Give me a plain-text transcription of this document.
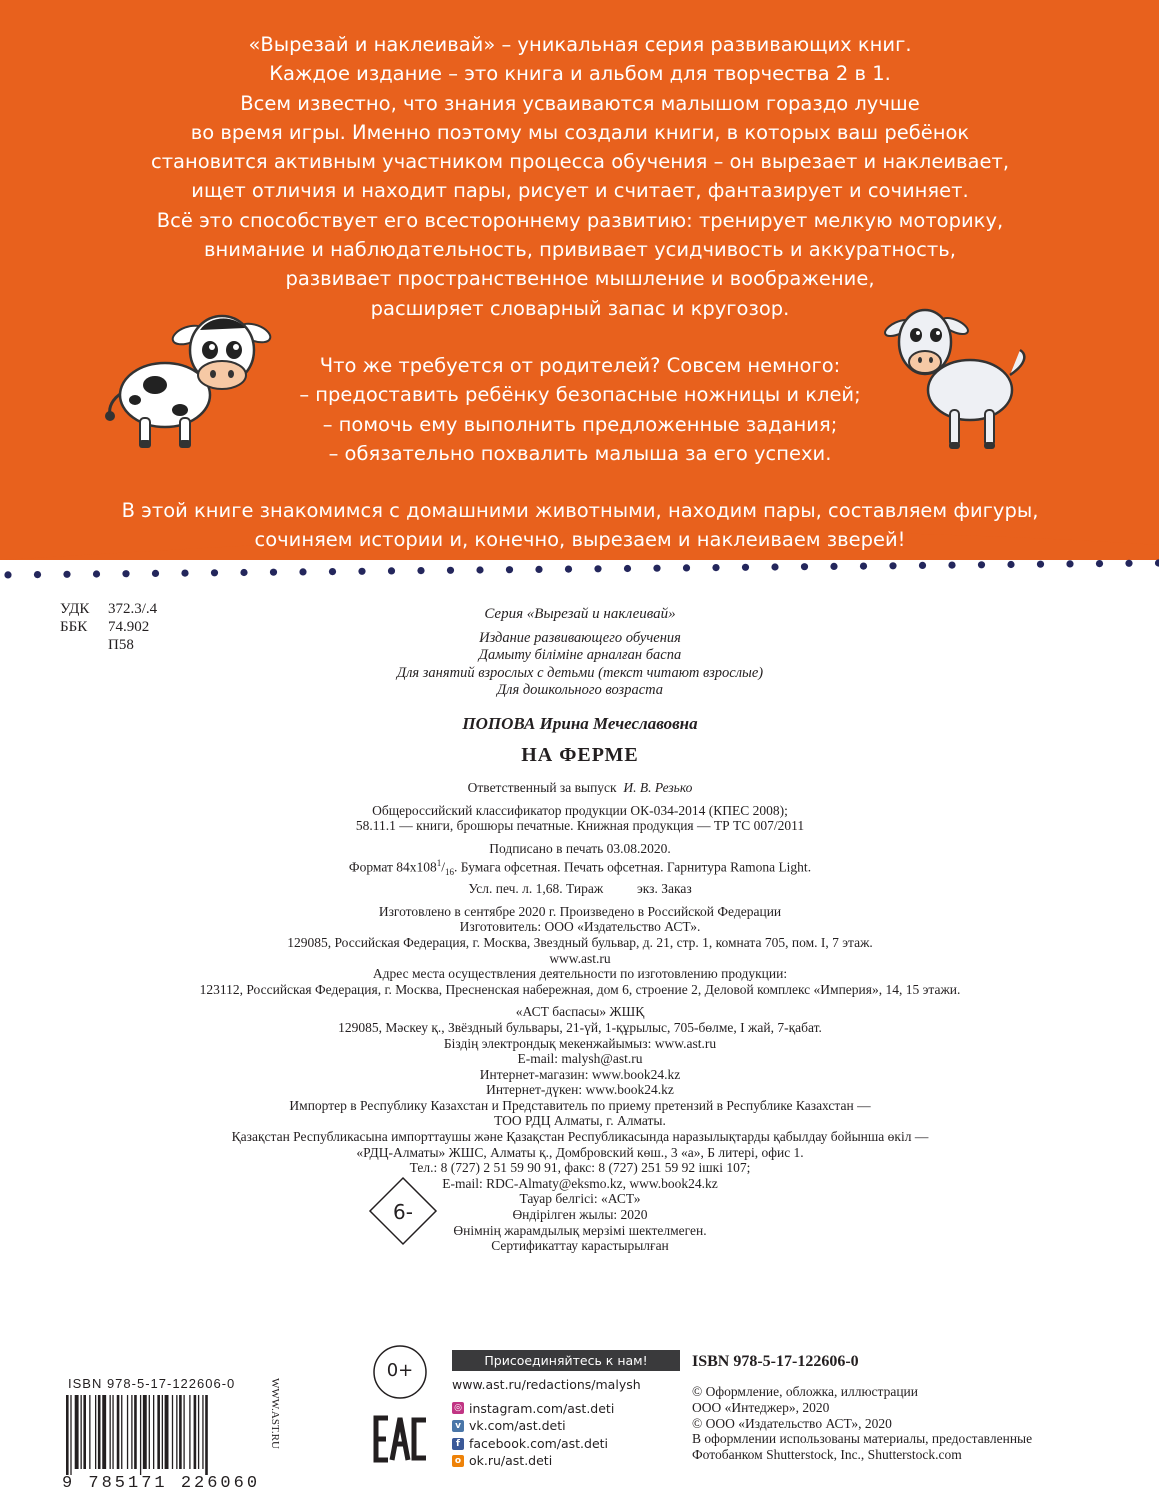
«Вырезай и наклеивай» – уникальная серия развивающих книг.

Каждое издание – это книга и альбом для творчества 2 в 1.

Всем известно, что знания усваиваются малышом гораздо лучше

во время игры. Именно поэтому мы создали книги, в которых ваш ребёнок

становится активным участником процесса обучения – он вырезает и наклеивает,

ищет отличия и находит пары, рисует и считает, фантазирует и сочиняет.

Всё это способствует его всестороннему развитию: тренирует мелкую моторику,

внимание и наблюдательность, прививает усидчивость и аккуратность,

развивает пространственное мышление и воображение,

расширяет словарный запас и кругозор.

Что же требуется от родителей? Совсем немного:

– предоставить ребёнку безопасные ножницы и клей;

– помочь ему выполнить предложенные задания;

– обязательно похвалить малыша за его успехи.

В этой книге знакомимся с домашними животными, находим пары, составляем фигуры,

сочиняем истории и, конечно, вырезаем и наклеиваем зверей!

УДК 372.3/.4
ББК 74.902
П58
Серия «Вырезай и наклеивай»
Издание развивающего обучения
Дамыту біліміне арналған баспа
Для занятий взрослых с детьми (текст читают взрослые)
Для дошкольного возраста
ПОПОВА Ирина Мечеславовна
НА ФЕРМЕ
Ответственный за выпуск И. В. Резько
Общероссийский классификатор продукции ОК-034-2014 (КПЕС 2008);
58.11.1 — книги, брошюры печатные. Книжная продукция — ТР ТС 007/2011
Подписано в печать 03.08.2020.
Формат $84x108^1/_{16}$. Бумага офсетная. Печать офсетная. Гарнитура Ramona Light.
Усл. печ. л. 1,68. Тираж          экз. Заказ
Изготовлено в сентябре 2020 г. Произведено в Российской Федерации
Изготовитель: ООО «Издательство АСТ».
129085, Российская Федерация, г. Москва, Звездный бульвар, д. 21, стр. 1, комната 705, пом. I, 7 этаж.
www.ast.ru
Адрес места осуществления деятельности по изготовлению продукции:
123112, Российская Федерация, г. Москва, Пресненская набережная, дом 6, строение 2, Деловой комплекс «Империя», 14, 15 этажи.
«АСТ баспасы» ЖШҚ
129085, Мәскеу қ., Звёздный бульвары, 21-үй, 1-құрылыс, 705-бөлме, I жай, 7-қабат.
Біздің электрондық мекенжайымыз: www.ast.ru
E-mail: malysh@ast.ru
Интернет-магазин: www.book24.kz
Интернет-дүкен: www.book24.kz
Импортер в Республику Казахстан и Представитель по приему претензий в Республике Казахстан —
ТОО РДЦ Алматы, г. Алматы.
Қазақстан Республикасына импорттаушы және Қазақстан Республикасында наразылықтарды қабылдау бойынша өкіл —
«РДЦ-Алматы» ЖШС, Алматы қ., Домбровский көш., 3 «а», Б литері, офис 1.
Тел.: 8 (727) 2 51 59 90 91, факс: 8 (727) 251 59 92 ішкі 107;
E-mail: RDC-Almaty@eksmo.kz, www.book24.kz
Тауар белгісі: «АСТ»
Өндірілген жылы: 2020
Өнімнің жарамдылық мерзімі шектелмеген.
Сертификаттау карастырылған
6-
ISBN 978-5-17-122606-0
9 785171 226060
WWW.AST.RU
0+	Присоединяйтесь к нам!
www.ast.ru/redactions/malysh
◎ instagram.com/ast.deti
v vk.com/ast.deti
f facebook.com/ast.deti
o ok.ru/ast.deti
ISBN 978-5-17-122606-0
© Оформление, обложка, иллюстрации
ООО «Интеджер», 2020
© ООО «Издательство АСТ», 2020
В оформлении использованы материалы, предоставленные
Фотобанком Shutterstock, Inc., Shutterstock.com
